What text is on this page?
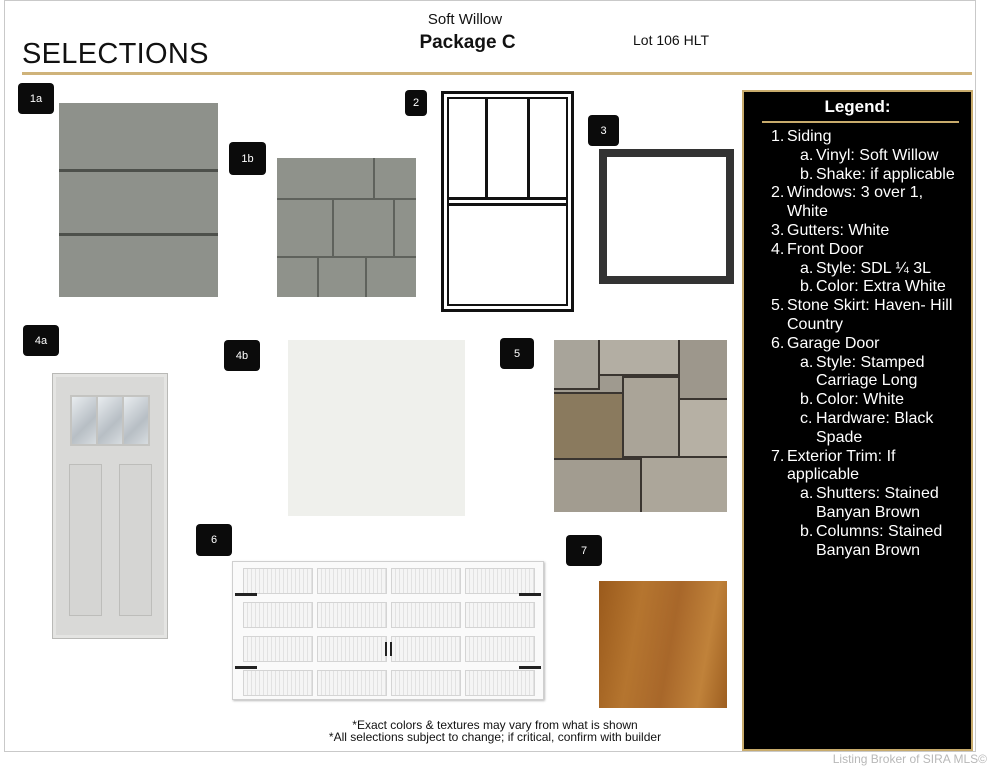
Soft Willow
Package C	Lot 106 HLT
SELECTIONS
1a
1b
2
3
4a
4b	5
6
7
Legend:
1. Siding
a. Vinyl: Soft Willow
b. Shake: if applicable
2. Windows: 3 over 1,
White
3. Gutters: White
4. Front Door
a. Style: SDL ¼ 3L
b. Color: Extra White
5. Stone Skirt: Haven- Hill
Country
6. Garage Door
a. Style: Stamped
Carriage Long
b. Color: White
c. Hardware: Black
Spade
7. Exterior Trim: If
applicable
a. Shutters: Stained
Banyan Brown
b. Columns: Stained
Banyan Brown
*Exact colors & textures may vary from what is shown
*All selections subject to change; if critical, confirm with builder
Listing Broker of SIRA MLS©
